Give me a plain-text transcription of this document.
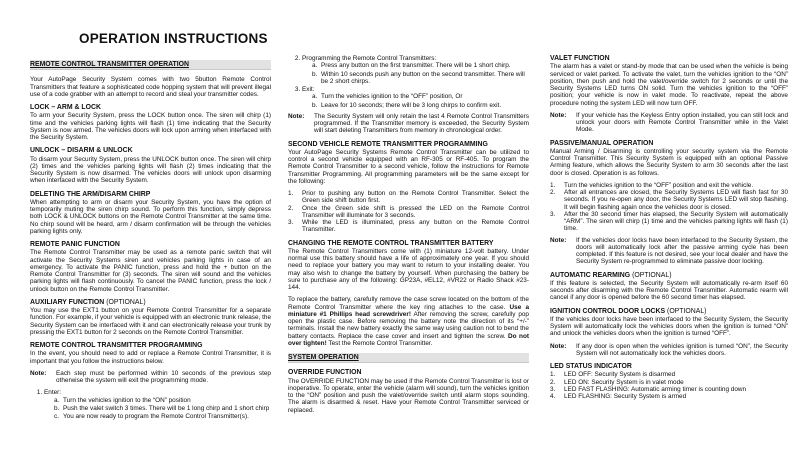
OPERATION INSTRUCTIONS
REMOTE CONTROL TRANSMITTER OPERATION

Your AutoPage Security System comes with two 5button Remote Control Transmitters that feature a sophisticated code hopping system that will prevent illegal use of a code grabber with an attempt to record and steal your transmitter codes.

LOCK – ARM & LOCK

To arm your Security System, press the LOCK button once. The siren will chirp (1) time and the vehicles parking lights will flash (1) time indicating that the Security System is now armed. The vehicles doors will lock upon arming when interfaced with the Security System.

UNLOCK – DISARM & UNLOCK

To disarm your Security System, press the UNLOCK button once. The siren will chirp (2) times and the vehicles parking lights will flash (2) times indicating that the Security System is now disarmed. The vehicles doors will unlock upon disarming when interfaced with the Security System.

DELETING THE ARM/DISARM CHIRP

When attempting to arm or disarm your Security System, you have the option of temporarily muting the siren chirp sound. To perform this function, simply depress both LOCK & UNLOCK buttons on the Remote Control Transmitter at the same time. No chirp sound will be heard, arm / disarm confirmation will be through the vehicles parking lights only.

REMOTE PANIC FUNCTION

The Remote Control Transmitter may be used as a remote panic switch that will activate the Security Systems siren and vehicles parking lights in case of an emergency. To activate the PANIC function, press and hold the + button on the Remote Control Transmitter for (3) seconds. The siren will sound and the vehicles parking lights will flash continuously. To cancel the PANIC function, press the lock / unlock button on the Remote Control Transmitter.

AUXILIARY FUNCTION (OPTIONAL)

You may use the EXT1 button on your Remote Control Transmitter for a separate function. For example, if your vehicle is equipped with an electronic trunk release, the Security System can be interfaced with it and can electronically release your trunk by pressing the EXT1 button for 2 seconds on the Remote Control Transmitter.

REMOTE CONTROL TRANSMITTER PROGRAMMING

In the event, you should need to add or replace a Remote Control Transmitter, it is important that you follow the instructions below.

Note:	Each step must be performed within 10 seconds of the previous step otherwise the system will exit the programming mode.
1. Enter:
a. Turn the vehicles ignition to the “ON” position
b. Push the valet switch 3 times. There will be 1 long chirp and 1 short chirp
c. You are now ready to program the Remote Control Transmitter(s).
2. Programming the Remote Control Transmitters:
a. Press any button on the first transmitter. There will be 1 short chirp.
b. Within 10 seconds push any button on the second transmitter. There will be 2 short chirps.
3. Exit:
a. Turn the vehicles ignition to the “OFF” position, Or
b. Leave for 10 seconds; there will be 3 long chirps to confirm exit.
Note:	The Security System will only retain the last 4 Remote Control Transmitters programmed. If the Transmitter memory is exceeded, the Security System will start deleting Transmitters from memory in chronological order.
SECOND VEHICLE REMOTE TRANSMITTER PROGRAMMING

Your AutoPage Security Systems Remote Control Transmitter can be utilized to control a second vehicle equipped with an RF-305 or RF-405. To program the Remote Control Transmitter to a second vehicle, follow the instructions for Remote Transmitter Programming. All programming parameters will be the same except for the following:

1.	Prior to pushing any button on the Remote Control Transmitter. Select the Green side shift button first.
2.	Once the Green side shift is pressed the LED on the Remote Control Transmitter will illuminate for 3 seconds.
3.	While the LED is illuminated, press any button on the Remote Control Transmitter.
CHANGING THE REMOTE CONTROL TRANSMITTER BATTERY

The Remote Control Transmitters come with (1) miniature 12-volt battery. Under normal use this battery should have a life of approximately one year. If you should need to replace your battery you may want to return to your installing dealer. You may also wish to change the battery by yourself. When purchasing the battery be sure to purchase any of the following: GP23A, #EL12, #VR22 or Radio Shack #23-144.

To replace the battery, carefully remove the case screw located on the bottom of the Remote Control Transmitter where the key ring attaches to the case. Use a miniature #1 Phillips head screwdriver! After removing the screw, carefully pop open the plastic case. Before removing the battery note the direction of its “+/-” terminals. Install the new battery exactly the same way using caution not to bend the battery contacts. Replace the case cover and insert and tighten the screw. Do not over tighten! Test the Remote Control Transmitter.

SYSTEM OPERATION
OVERRIDE FUNCTION

The OVERRIDE FUNCTION may be used if the Remote Control Transmitter is lost or inoperative. To operate, enter the vehicle (alarm will sound), turn the vehicles ignition to the “ON” position and push the valet/override switch until alarm stops sounding. The alarm is disarmed & reset. Have your Remote Control Transmitter serviced or replaced.

VALET FUNCTION

The alarm has a valet or stand-by mode that can be used when the vehicle is being serviced or valet parked. To activate the valet, turn the vehicles ignition to the “ON” position, then push and hold the valet/override switch for 2 seconds or until the Security Systems LED turns ON solid. Turn the vehicles ignition to the “OFF” position; your vehicle is now in valet mode. To reactivate, repeat the above procedure noting the system LED will now turn OFF.

Note:	If your vehicle has the Keyless Entry option installed, you can still lock and unlock your doors with Remote Control Transmitter while in the Valet Mode.
PASSIVE/MANUAL OPERATION

Manual Arming / Disarming is controlling your security system via the Remote Control Transmitter. This Security System is equipped with an optional Passive Arming feature, which allows the Security System to arm 30 seconds after the last door is closed. Operation is as follows.

1.	Turn the vehicles ignition to the “OFF” position and exit the vehicle.
2.	After all entrances are closed, the Security Systems LED will flash fast for 30 seconds. If you re-open any door, the Security Systems LED will stop flashing. It will begin flashing again once the vehicles door is closed.
3.	After the 30 second timer has elapsed, the Security System will automatically “ARM”. The siren will chirp (1) time and the vehicles parking lights will flash (1) time.
Note:	If the vehicles door locks have been interfaced to the Security System, the doors will automatically lock after the passive arming cycle has been completed. If this feature is not desired, see your local dealer and have the Security System re-programmed to eliminate passive door locking.
AUTOMATIC REARMING (OPTIONAL)

If this feature is selected, the Security System will automatically re-arm itself 60 seconds after disarming with the Remote Control Transmitter. Automatic rearm will cancel if any door is opened before the 60 second timer has elapsed.

IGNITION CONTROL DOOR LOCKS (OPTIONAL)

If the vehicles door locks have been interfaced to the Security System, the Security System will automatically lock the vehicles doors when the ignition is turned “ON” and unlock the vehicles doors when the ignition is turned “OFF”.

Note:	If any door is open when the vehicles ignition is turned “ON”, the Security System will not automatically lock the vehicles doors.
LED STATUS INDICATOR
1.	LED OFF: Security System is disarmed
2.	LED ON: Security System is in valet mode
3.	LED FAST FLASHING: Automatic arming timer is counting down
4.	LED FLASHING: Security System is armed
